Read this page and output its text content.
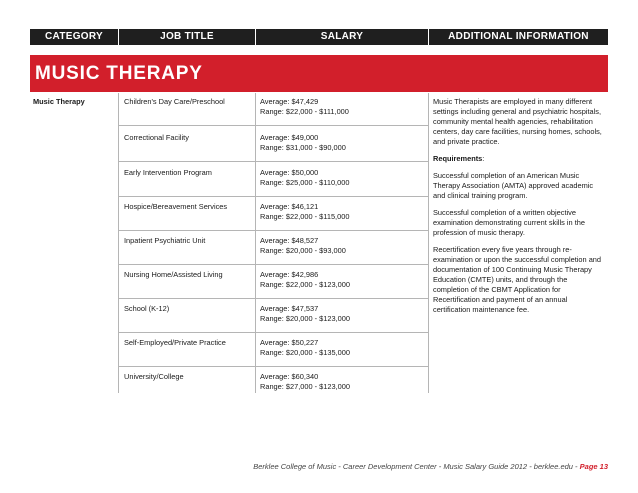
CATEGORY	JOB TITLE	SALARY	ADDITIONAL INFORMATION
MUSIC THERAPY
Music Therapy	Children's Day Care/Preschool	Average: $47,429
Range: $22,000 - $111,000
Correctional Facility	Average: $49,000
Range: $31,000 - $90,000
Early Intervention Program	Average: $50,000
Range: $25,000 - $110,000
Hospice/Bereavement Services	Average: $46,121
Range: $22,000 - $115,000
Inpatient Psychiatric Unit	Average: $48,527
Range: $20,000 - $93,000
Nursing Home/Assisted Living	Average: $42,986
Range: $22,000 - $123,000
School (K-12)	Average: $47,537
Range: $20,000 - $123,000
Self-Employed/Private Practice	Average: $50,227
Range: $20,000 - $135,000
University/College	Average: $60,340
Range: $27,000 - $123,000

Music Therapists are employed in many different settings including general and psychiatric hospitals, community mental health agencies, rehabilitation centers, day care facilities, nursing homes, schools, and private practice.

Requirements:

Successful completion of an American Music Therapy Association (AMTA) approved academic and clinical training program.

Successful completion of a written objective examination demonstrating current skills in the profession of music therapy.

Recertification every five years through re-examination or upon the successful completion and documentation of 100 Continuing Music Therapy Education (CMTE) units, and through the completion of the CBMT Application for Recertification and payment of an annual certification maintenance fee.

Berklee College of Music - Career Development Center - Music Salary Guide 2012 - berklee.edu - Page 13
